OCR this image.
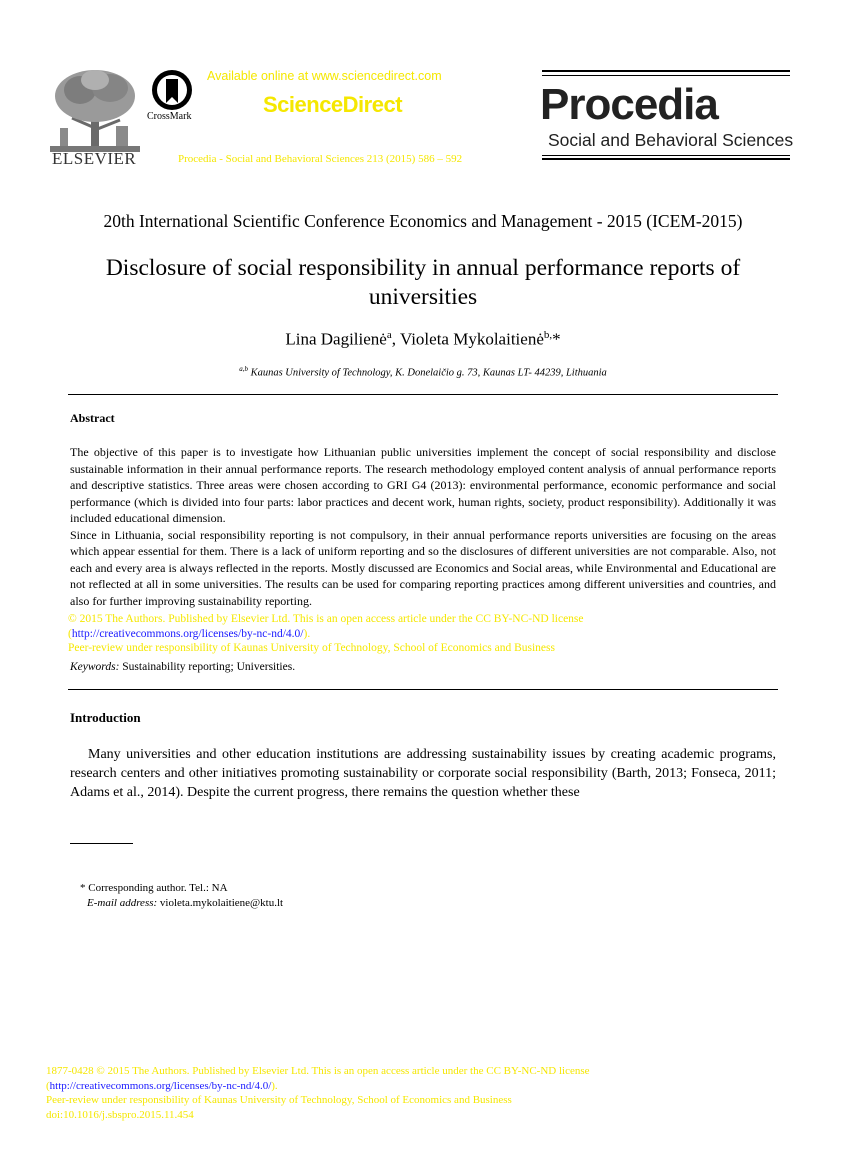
ELSEVIER
CrossMark
Available online at www.sciencedirect.com
ScienceDirect
Procedia - Social and Behavioral Sciences 213 (2015) 586 – 592
Procedia
Social and Behavioral Sciences
20th International Scientific Conference Economics and Management - 2015 (ICEM-2015)
Disclosure of social responsibility in annual performance reports of
universities
Lina Dagilienė$^a$, Violeta Mykolaitienė$^{b,}$*
$^{a,b}$ Kaunas University of Technology, K. Donelaičio g. 73, Kaunas LT- 44239, Lithuania
Abstract

The objective of this paper is to investigate how Lithuanian public universities implement the concept of social responsibility and disclose sustainable information in their annual performance reports. The research methodology employed content analysis of annual performance reports and descriptive statistics. Three areas were chosen according to GRI G4 (2013): environmental performance, economic performance and social performance (which is divided into four parts: labor practices and decent work, human rights, society, product responsibility). Additionally it was included educational dimension.

Since in Lithuania, social responsibility reporting is not compulsory, in their annual performance reports universities are focusing on the areas which appear essential for them. There is a lack of uniform reporting and so the disclosures of different universities are not comparable. Also, not each and every area is always reflected in the reports. Mostly discussed are Economics and Social areas, while Environmental and Educational are not reflected at all in some universities. The results can be used for comparing reporting practices among different universities and countries, and also for further improving sustainability reporting.

© 2015 The Authors. Published by Elsevier Ltd. This is an open access article under the CC BY-NC-ND license
(http://creativecommons.org/licenses/by-nc-nd/4.0/).
Peer-review under responsibility of Kaunas University of Technology, School of Economics and Business
Keywords: Sustainability reporting; Universities.
Introduction

Many universities and other education institutions are addressing sustainability issues by creating academic programs, research centers and other initiatives promoting sustainability or corporate social responsibility (Barth, 2013; Fonseca, 2011; Adams et al., 2014). Despite the current progress, there remains the question whether these

* Corresponding author. Tel.: NA
E-mail address: violeta.mykolaitiene@ktu.lt
1877-0428 © 2015 The Authors. Published by Elsevier Ltd. This is an open access article under the CC BY-NC-ND license
(http://creativecommons.org/licenses/by-nc-nd/4.0/).
Peer-review under responsibility of Kaunas University of Technology, School of Economics and Business
doi:10.1016/j.sbspro.2015.11.454
